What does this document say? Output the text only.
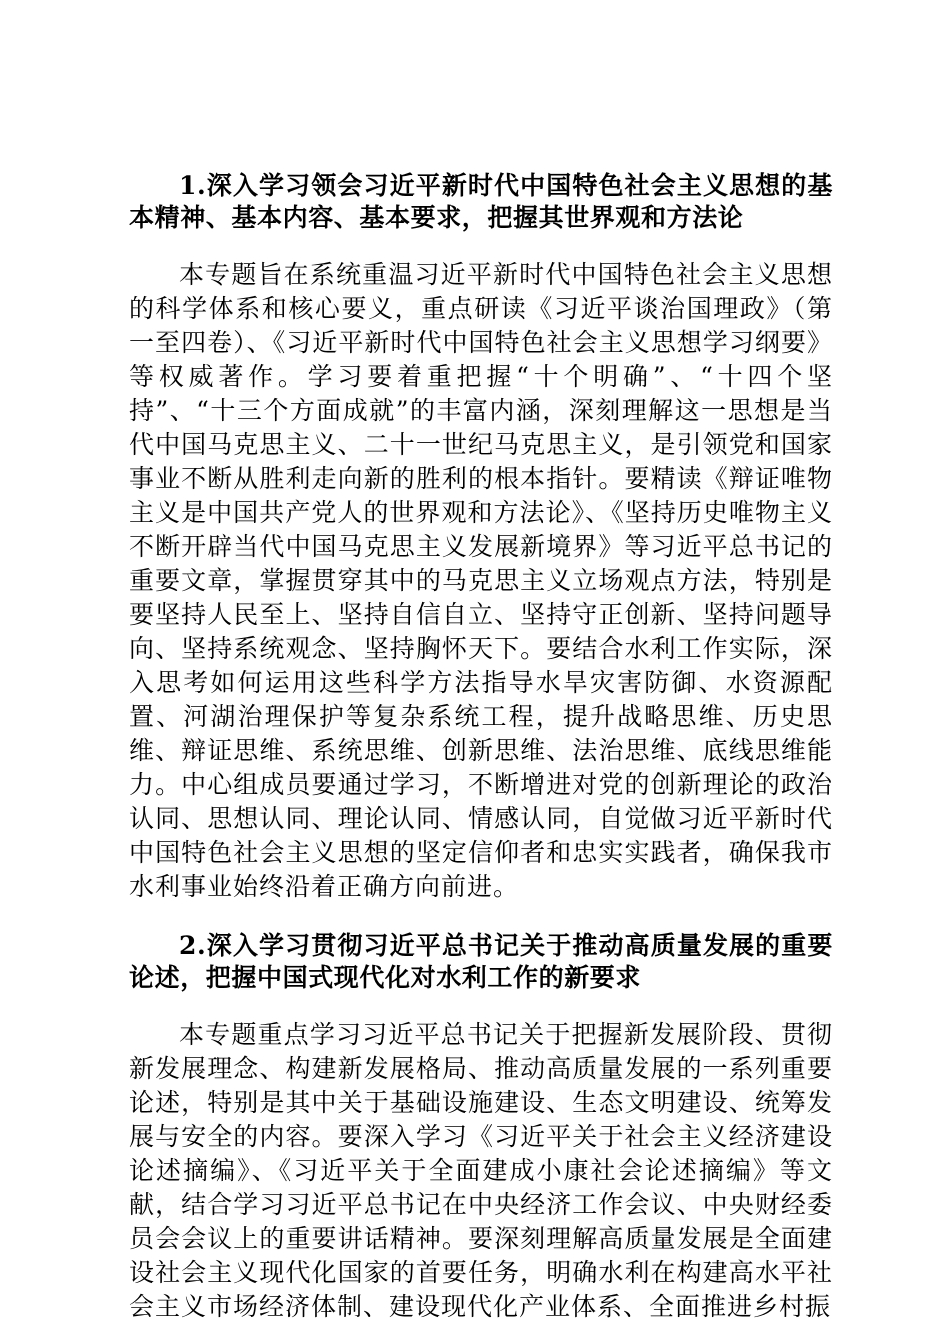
1.深入学习领会习近平新时代中国特色社会主义思想的基本精神、基本内容、基本要求，把握其世界观和方法论

本专题旨在系统重温习近平新时代中国特色社会主义思想的科学体系和核心要义，重点研读《习近平谈治国理政》（第一至四卷）、《习近平新时代中国特色社会主义思想学习纲要》等权威著作。学习要着重把握“十个明确”、“十四个坚持”、“十三个方面成就”的丰富内涵，深刻理解这一思想是当代中国马克思主义、二十一世纪马克思主义，是引领党和国家事业不断从胜利走向新的胜利的根本指针。要精读《辩证唯物主义是中国共产党人的世界观和方法论》、《坚持历史唯物主义不断开辟当代中国马克思主义发展新境界》等习近平总书记的重要文章，掌握贯穿其中的马克思主义立场观点方法，特别是要坚持人民至上、坚持自信自立、坚持守正创新、坚持问题导向、坚持系统观念、坚持胸怀天下。要结合水利工作实际，深入思考如何运用这些科学方法指导水旱灾害防御、水资源配置、河湖治理保护等复杂系统工程，提升战略思维、历史思维、辩证思维、系统思维、创新思维、法治思维、底线思维能力。中心组成员要通过学习，不断增进对党的创新理论的政治认同、思想认同、理论认同、情感认同，自觉做习近平新时代中国特色社会主义思想的坚定信仰者和忠实实践者，确保我市水利事业始终沿着正确方向前进。

2.深入学习贯彻习近平总书记关于推动高质量发展的重要论述，把握中国式现代化对水利工作的新要求

本专题重点学习习近平总书记关于把握新发展阶段、贯彻新发展理念、构建新发展格局、推动高质量发展的一系列重要论述，特别是其中关于基础设施建设、生态文明建设、统筹发展与安全的内容。要深入学习《习近平关于社会主义经济建设论述摘编》、《习近平关于全面建成小康社会论述摘编》等文献，结合学习习近平总书记在中央经济工作会议、中央财经委员会会议上的重要讲话精神。要深刻理解高质量发展是全面建设社会主义现代化国家的首要任务，明确水利在构建高水平社会主义市场经济体制、建设现代化产业体系、全面推进乡村振
